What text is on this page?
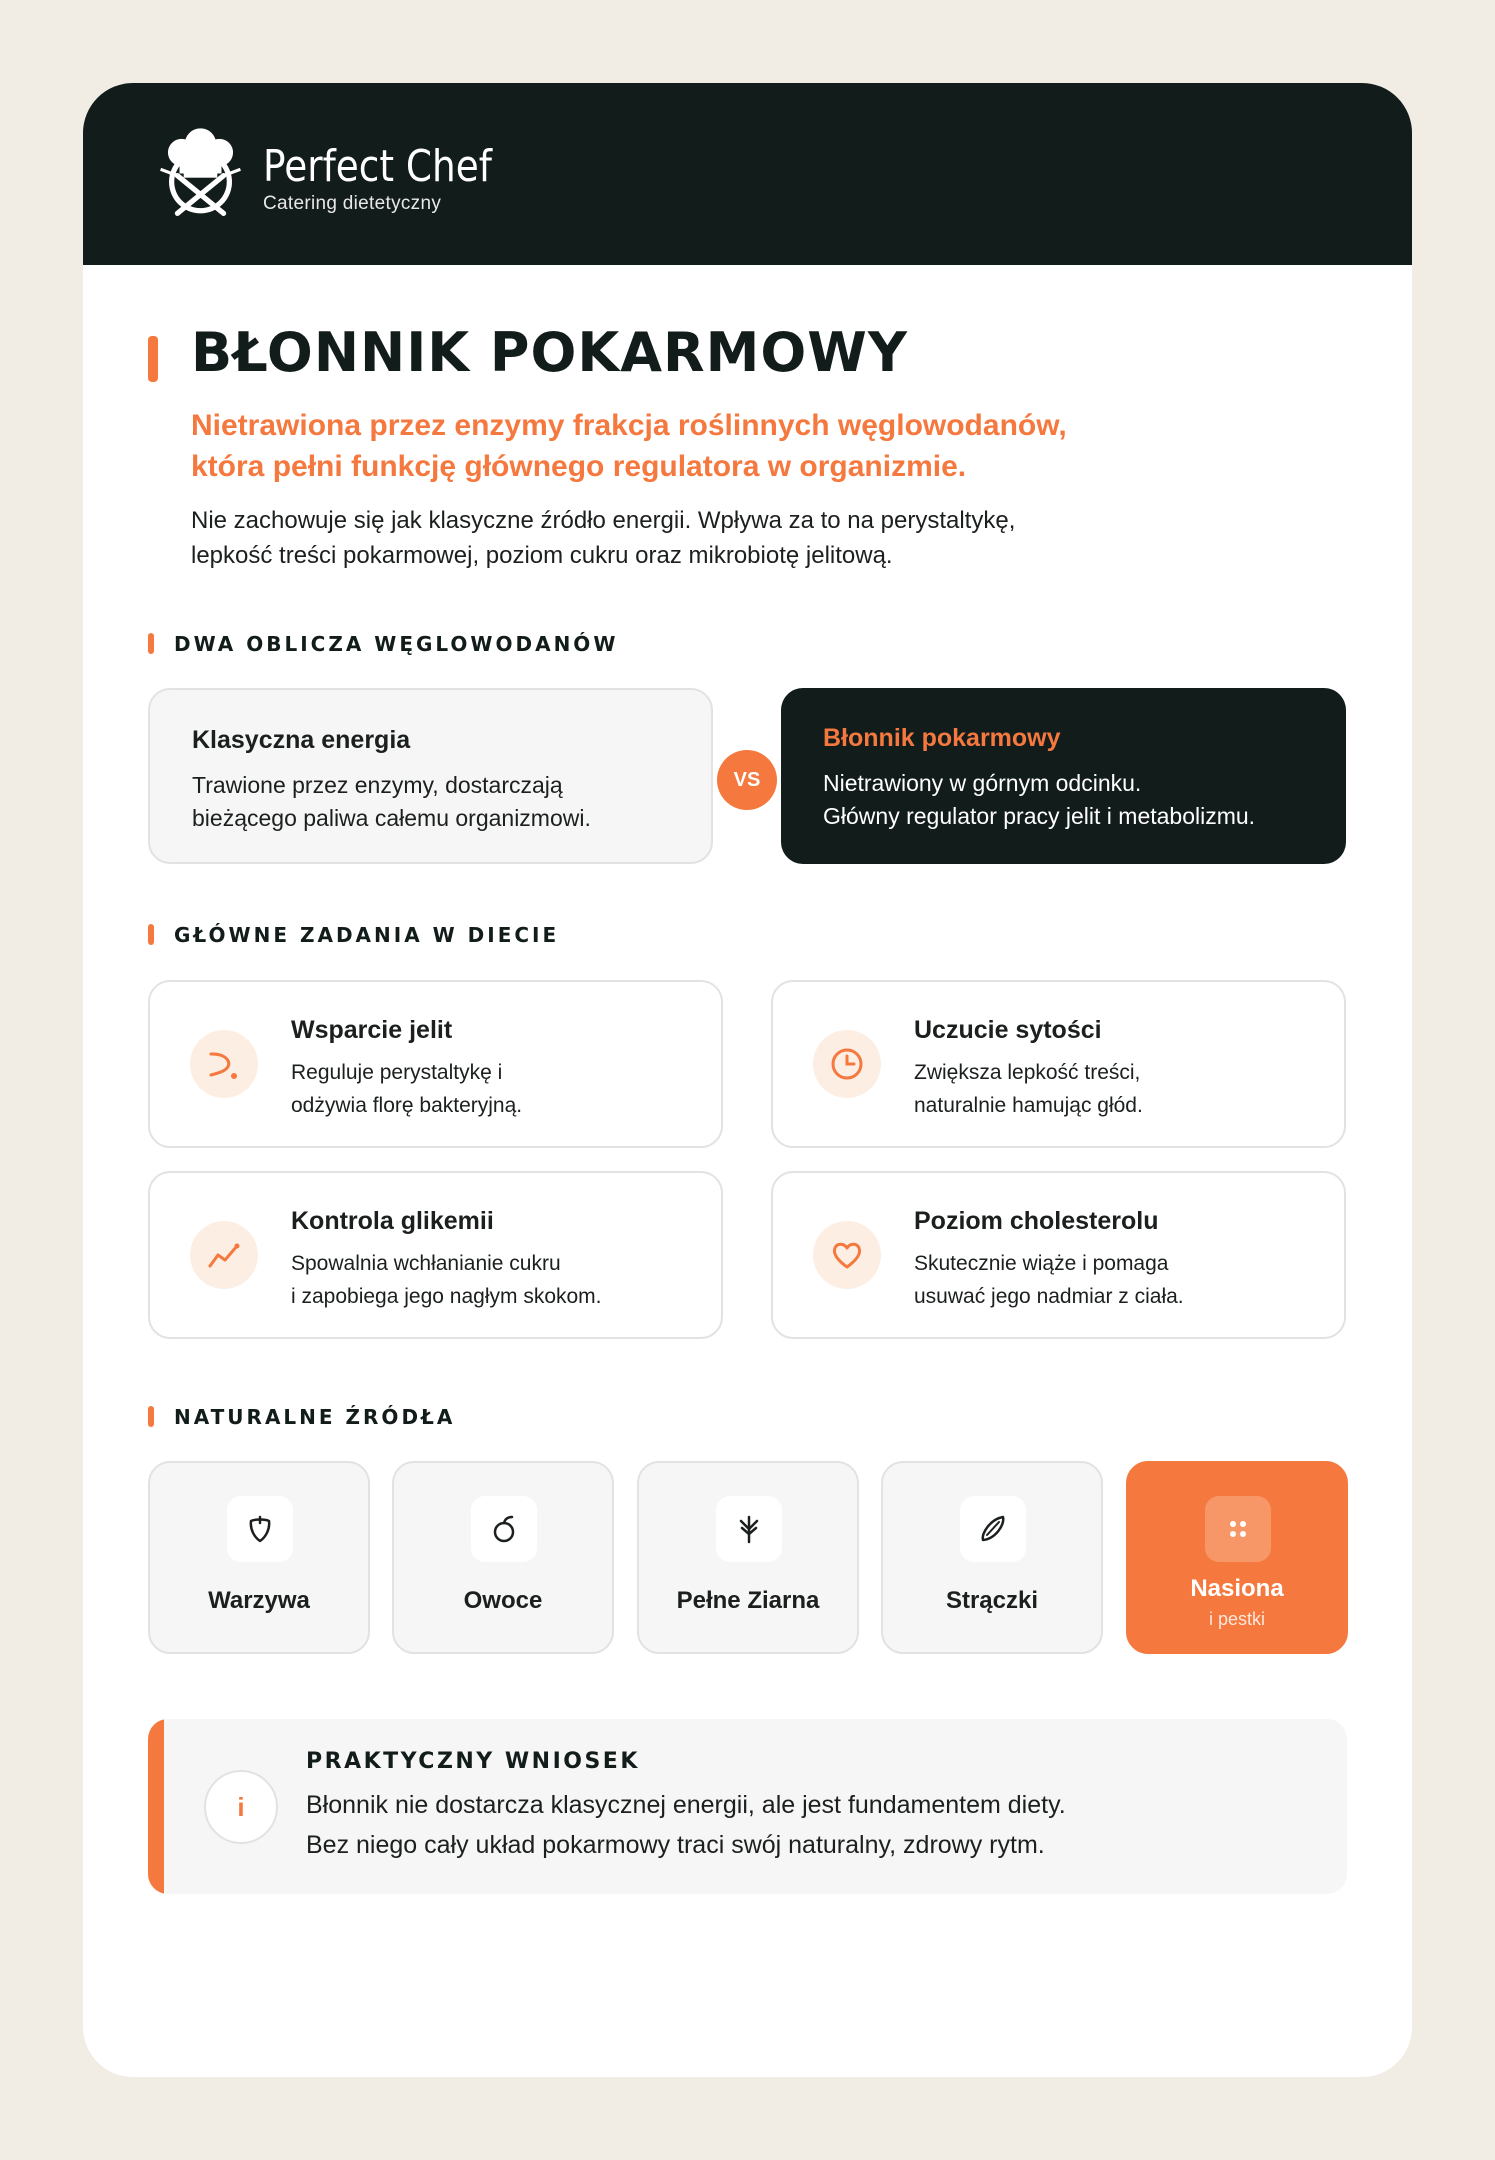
Perfect Chef
Catering dietetyczny
BŁONNIK POKARMOWY
Nietrawiona przez enzymy frakcja roślinnych węglowodanów,
która pełni funkcję głównego regulatora w organizmie.
Nie zachowuje się jak klasyczne źródło energii. Wpływa za to na perystaltykę,
lepkość treści pokarmowej, poziom cukru oraz mikrobiotę jelitową.
DWA OBLICZA WĘGLOWODANÓW
Klasyczna energia
Trawione przez enzymy, dostarczają
bieżącego paliwa całemu organizmowi.
Błonnik pokarmowy
Nietrawiony w górnym odcinku.
Główny regulator pracy jelit i metabolizmu.
VS
GŁÓWNE ZADANIA W DIECIE
Wsparcie jelit
Reguluje perystaltykę i
odżywia florę bakteryjną.
Uczucie sytości
Zwiększa lepkość treści,
naturalnie hamując głód.
Kontrola glikemii
Spowalnia wchłanianie cukru
i zapobiega jego nagłym skokom.
Poziom cholesterolu
Skutecznie wiąże i pomaga
usuwać jego nadmiar z ciała.
NATURALNE ŹRÓDŁA
Warzywa	Owoce	Pełne Ziarna	Strączki	Nasiona
i pestki
i
PRAKTYCZNY WNIOSEK
Błonnik nie dostarcza klasycznej energii, ale jest fundamentem diety.
Bez niego cały układ pokarmowy traci swój naturalny, zdrowy rytm.
